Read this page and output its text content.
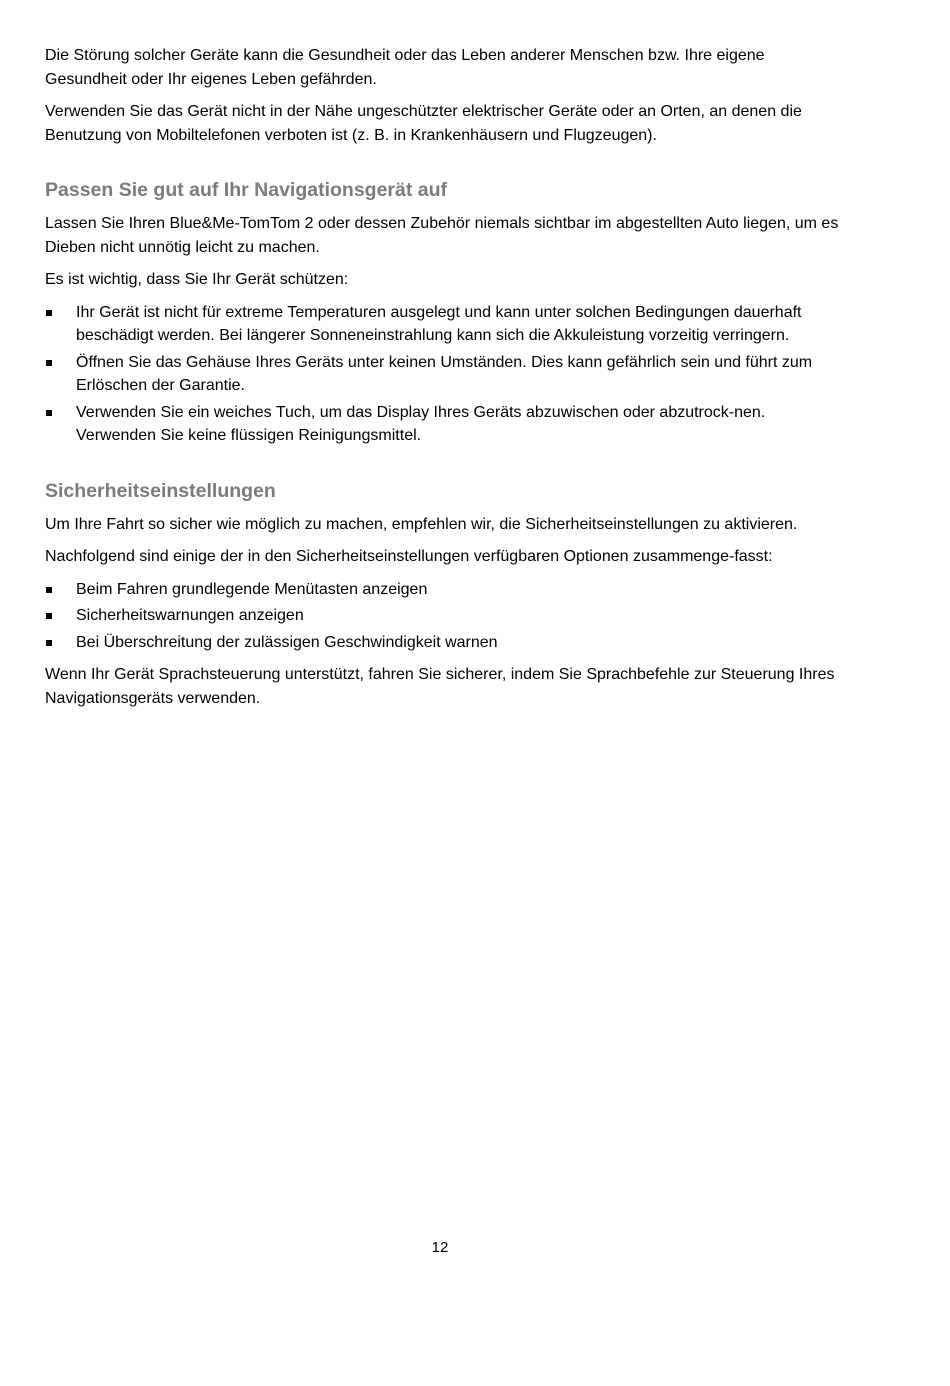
Die Störung solcher Geräte kann die Gesundheit oder das Leben anderer Menschen bzw. Ihre eigene Gesundheit oder Ihr eigenes Leben gefährden.

Verwenden Sie das Gerät nicht in der Nähe ungeschützter elektrischer Geräte oder an Orten, an denen die Benutzung von Mobiltelefonen verboten ist (z. B. in Krankenhäusern und Flugzeugen).

Passen Sie gut auf Ihr Navigationsgerät auf

Lassen Sie Ihren Blue&Me-TomTom 2 oder dessen Zubehör niemals sichtbar im abgestellten Auto liegen, um es Dieben nicht unnötig leicht zu machen.

Es ist wichtig, dass Sie Ihr Gerät schützen:

Ihr Gerät ist nicht für extreme Temperaturen ausgelegt und kann unter solchen Bedingungen dauerhaft beschädigt werden. Bei längerer Sonneneinstrahlung kann sich die Akkuleistung vorzeitig verringern.
Öffnen Sie das Gehäuse Ihres Geräts unter keinen Umständen. Dies kann gefährlich sein und führt zum Erlöschen der Garantie.
Verwenden Sie ein weiches Tuch, um das Display Ihres Geräts abzuwischen oder abzutrock-nen. Verwenden Sie keine flüssigen Reinigungsmittel.
Sicherheitseinstellungen

Um Ihre Fahrt so sicher wie möglich zu machen, empfehlen wir, die Sicherheitseinstellungen zu aktivieren.

Nachfolgend sind einige der in den Sicherheitseinstellungen verfügbaren Optionen zusammenge-fasst:

Beim Fahren grundlegende Menütasten anzeigen
Sicherheitswarnungen anzeigen
Bei Überschreitung der zulässigen Geschwindigkeit warnen

Wenn Ihr Gerät Sprachsteuerung unterstützt, fahren Sie sicherer, indem Sie Sprachbefehle zur Steuerung Ihres Navigationsgeräts verwenden.

12
